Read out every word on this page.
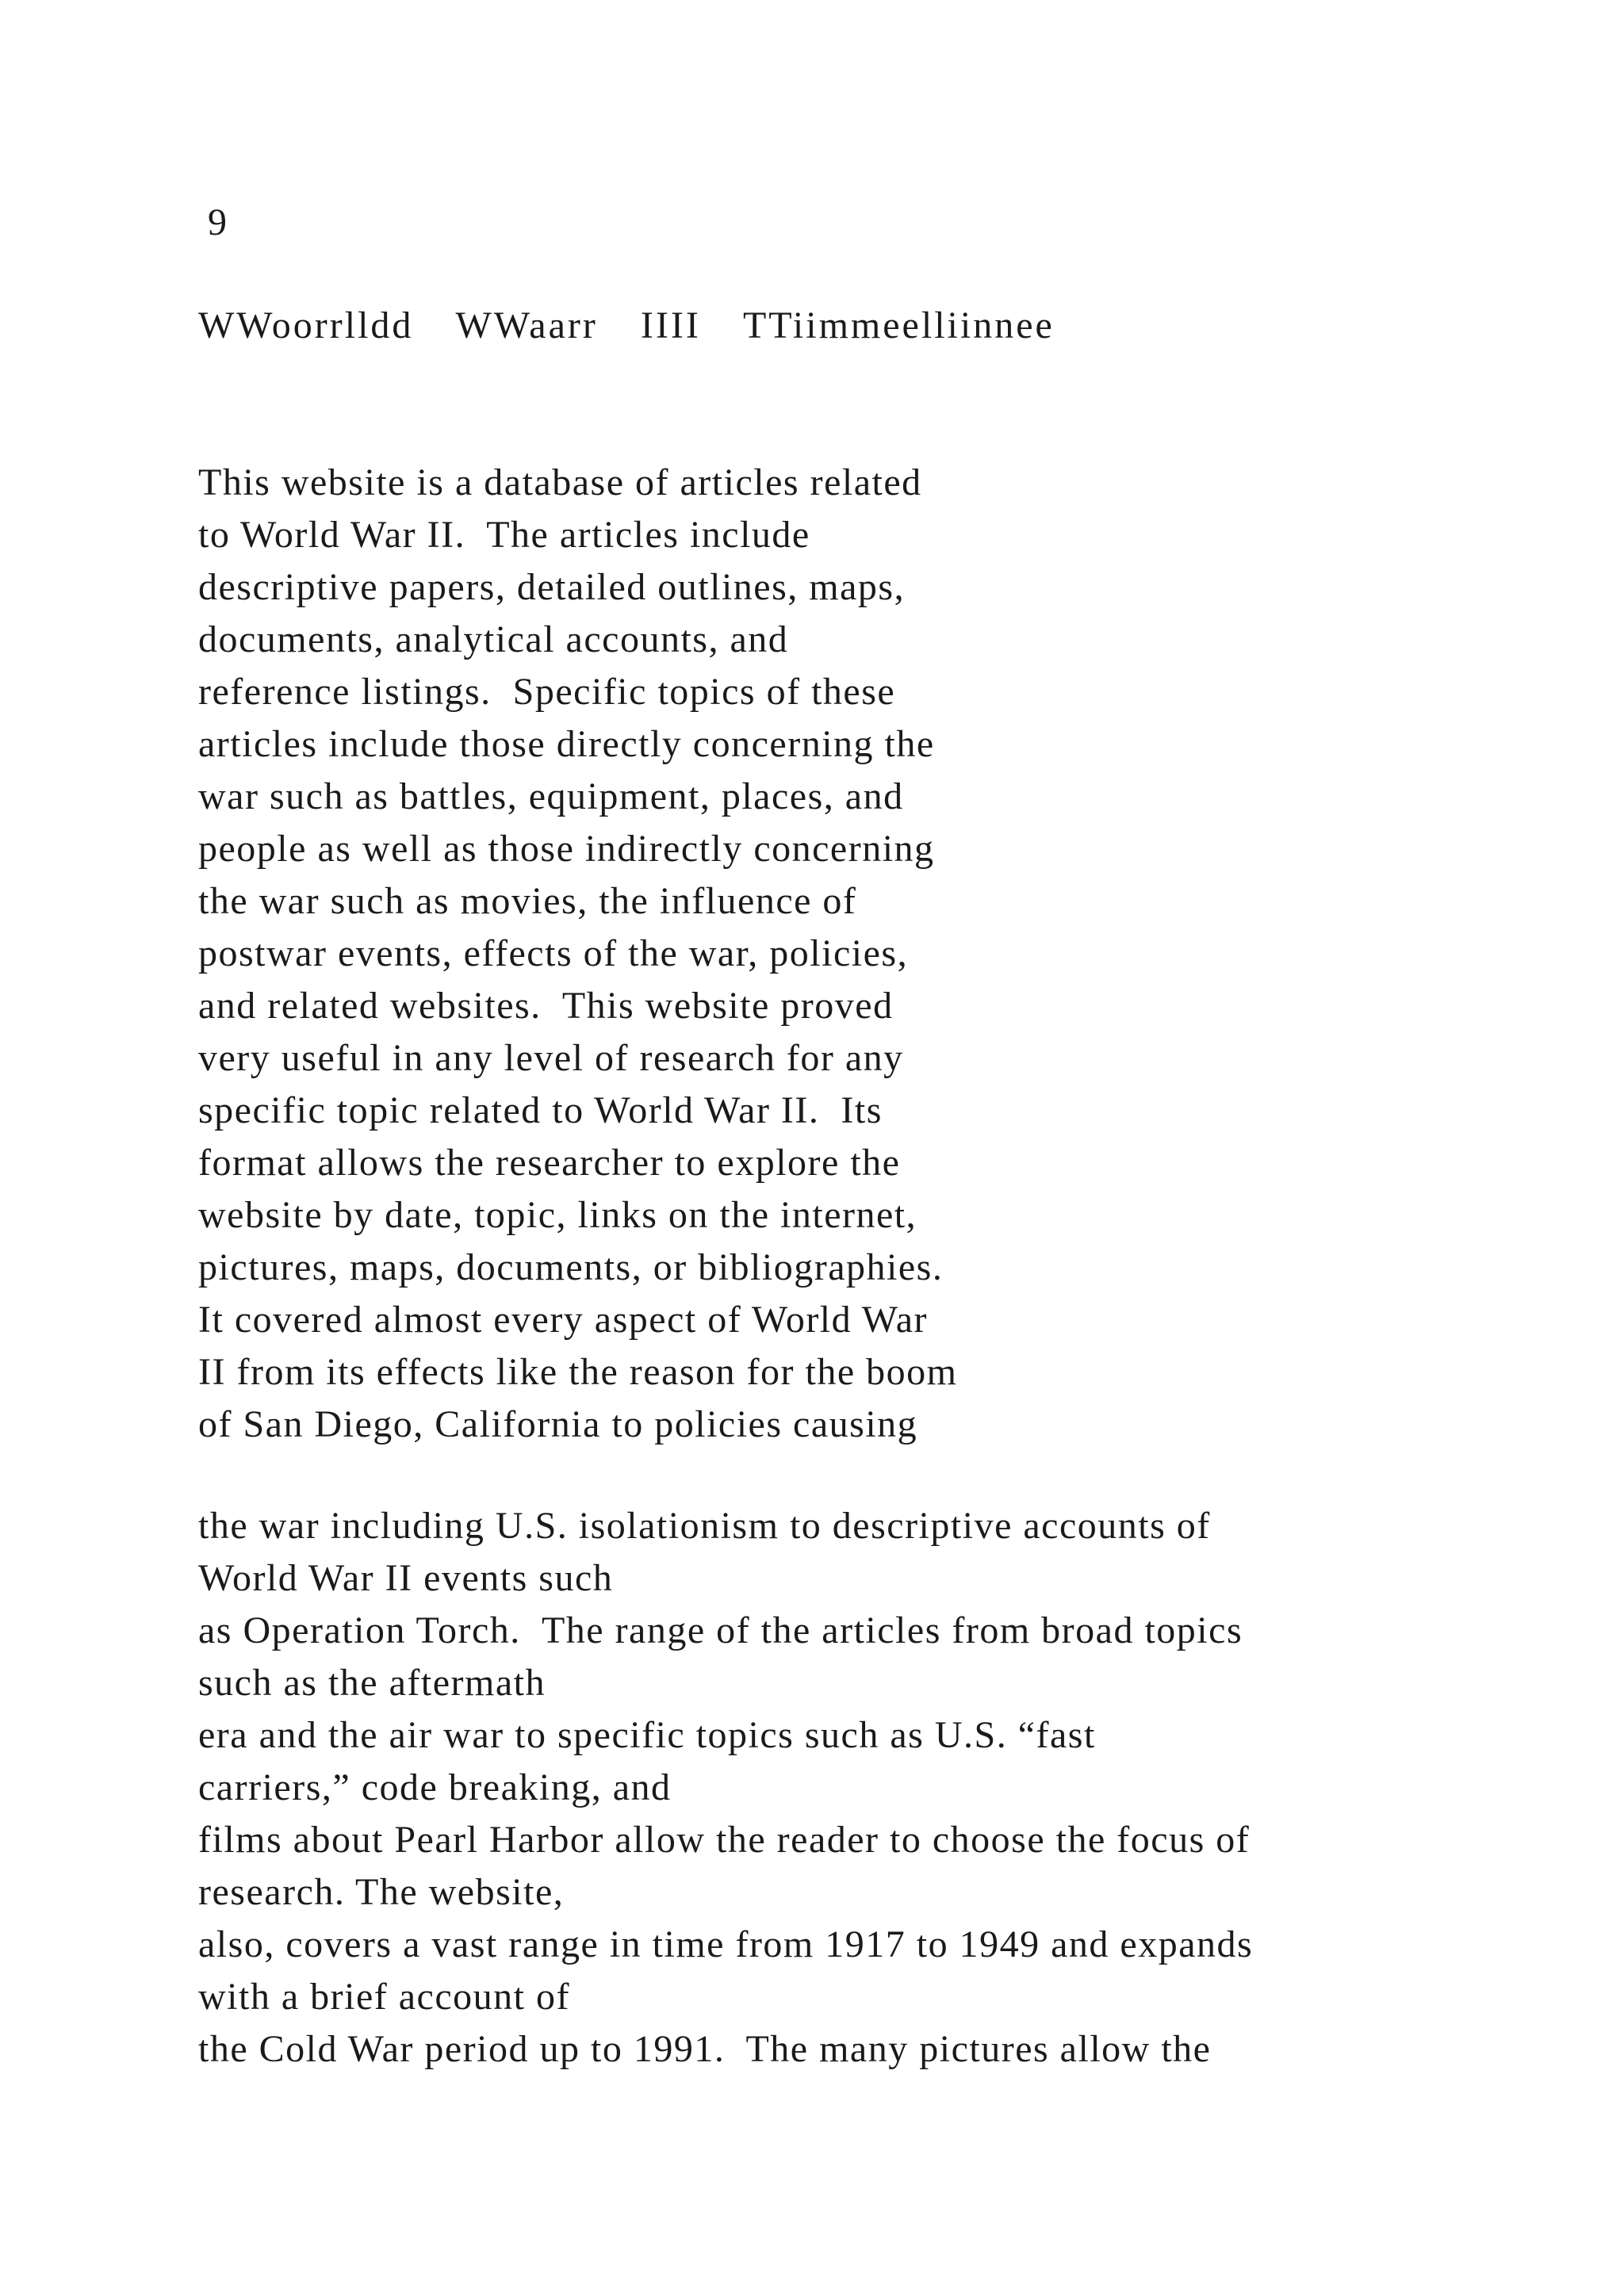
9

WWoorrlldd  WWaarr  IIII  TTiimmeelliinnee
This website is a database of articles related
to World War II.  The articles include
descriptive papers, detailed outlines, maps,
documents, analytical accounts, and
reference listings.  Specific topics of these
articles include those directly concerning the
war such as battles, equipment, places, and
people as well as those indirectly concerning
the war such as movies, the influence of
postwar events, effects of the war, policies,
and related websites.  This website proved
very useful in any level of research for any
specific topic related to World War II.  Its
format allows the researcher to explore the
website by date, topic, links on the internet,
pictures, maps, documents, or bibliographies.
It covered almost every aspect of World War
II from its effects like the reason for the boom
of San Diego, California to policies causing
the war including U.S. isolationism to descriptive accounts of
World War II events such
as Operation Torch.  The range of the articles from broad topics
such as the aftermath
era and the air war to specific topics such as U.S. “fast
carriers,” code breaking, and
films about Pearl Harbor allow the reader to choose the focus of
research. The website,
also, covers a vast range in time from 1917 to 1949 and expands
with a brief account of
the Cold War period up to 1991.  The many pictures allow the
